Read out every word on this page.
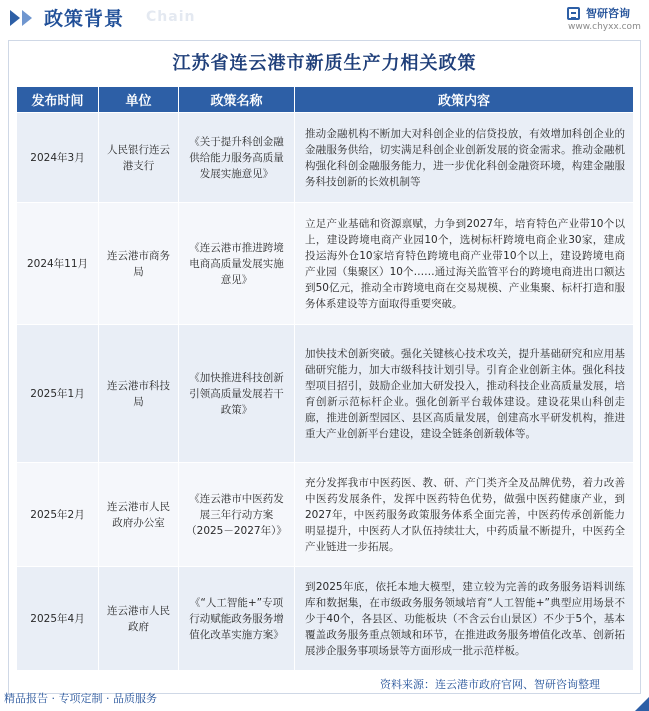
政策背景 Chain	智研咨询
www.chyxx.com
江苏省连云港市新质生产力相关政策
发布时间	单位	政策名称	政策内容
2024年3月	人民银行连云港支行	《关于提升科创金融供给能力服务高质量发展实施意见》	推动金融机构不断加大对科创企业的信贷投放，有效增加科创企业的金融服务供给，切实满足科创企业创新发展的资金需求。推动金融机构强化科创金融服务能力，进一步优化科创金融资环境，构建金融服务科技创新的长效机制等
2024年11月	连云港市商务局	《连云港市推进跨境电商高质量发展实施意见》	立足产业基础和资源禀赋，力争到2027年，培育特色产业带10个以上，建设跨境电商产业园10个，选树标杆跨境电商企业30家，建成投运海外仓10家培育特色跨境电商产业带10个以上，建设跨境电商产业园（集聚区）10个……通过海关监管平台的跨境电商进出口额达到50亿元，推动全市跨境电商在交易规模、产业集聚、标杆打造和服务体系建设等方面取得重要突破。
2025年1月	连云港市科技局	《加快推进科技创新引领高质量发展若干政策》	加快技术创新突破。强化关键核心技术攻关，提升基础研究和应用基础研究能力，加大市级科技计划引导。引育企业创新主体。强化科技型项目招引，鼓励企业加大研发投入，推动科技企业高质量发展，培育创新示范标杆企业。强化创新平台载体建设。建设花果山科创走廊，推进创新型园区、县区高质量发展，创建高水平研发机构，推进重大产业创新平台建设，建设全链条创新载体等。
2025年2月	连云港市人民政府办公室	《连云港市中医药发展三年行动方案（2025－2027年）》	充分发挥我市中医药医、教、研、产门类齐全及品牌优势，着力改善中医药发展条件，发挥中医药特色优势，做强中医药健康产业，到2027年，中医药服务政策服务体系全面完善，中医药传承创新能力明显提升，中医药人才队伍持续壮大，中药质量不断提升，中医药全产业链进一步拓展。
2025年4月	连云港市人民政府	《“人工智能+”专项行动赋能政务服务增值化改革实施方案》	到2025年底，依托本地大模型，建立较为完善的政务服务语料训练库和数据集，在市级政务服务领域培育“人工智能+”典型应用场景不少于40个，各县区、功能板块（不含云台山景区）不少于5个，基本覆盖政务服务重点领域和环节，在推进政务服务增值化改革、创新拓展涉企服务事项场景等方面形成一批示范样板。
资料来源：连云港市政府官网、智研咨询整理
精品报告 · 专项定制 · 品质服务
